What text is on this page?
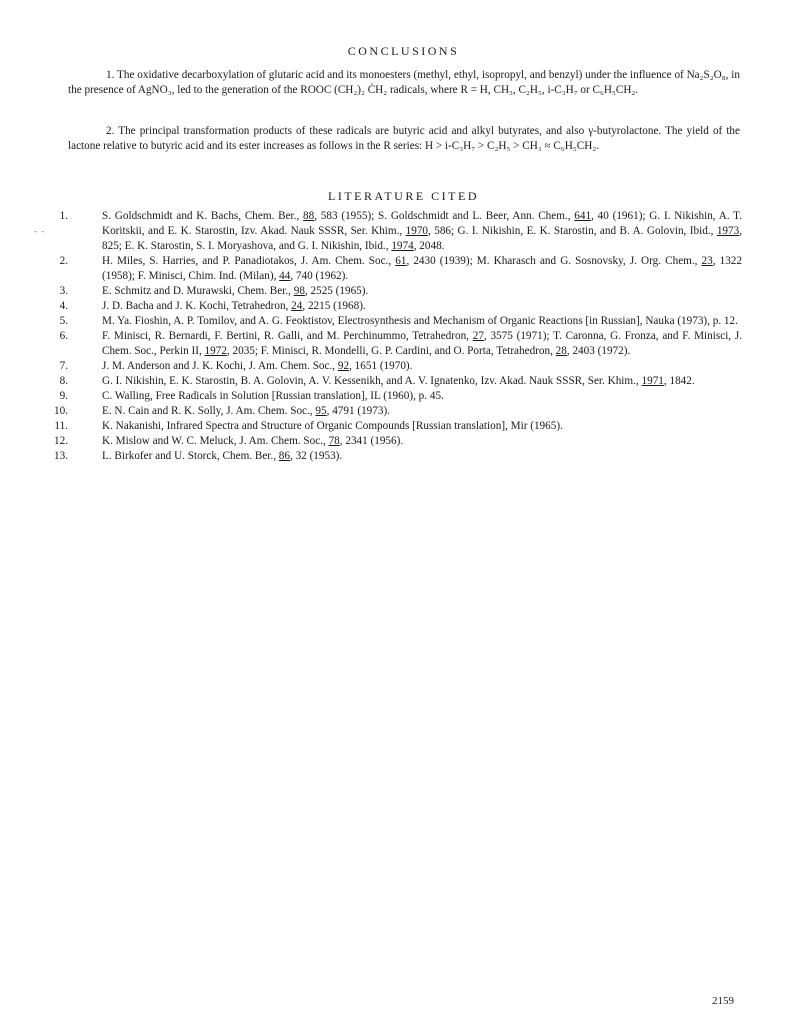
CONCLUSIONS
1. The oxidative decarboxylation of glutaric acid and its monoesters (methyl, ethyl, isopropyl, and benzyl) under the influence of Na₂S₂O₈, in the presence of AgNO₃, led to the generation of the ROOC (CH₂)₂ ĊH₂ radicals, where R = H, CH₃, C₂H₅, i-C₃H₇ or C₆H₅CH₂.
2. The principal transformation products of these radicals are butyric acid and alkyl butyrates, and also γ-butyrolactone. The yield of the lactone relative to butyric acid and its ester increases as follows in the R series: H > i-C₃H₇ > C₂H₅ > CH₃ ≈ C₆H₅CH₂.
LITERATURE CITED
- -
1.	S. Goldschmidt and K. Bachs, Chem. Ber., 88, 583 (1955); S. Goldschmidt and L. Beer, Ann. Chem., 641, 40 (1961); G. I. Nikishin, A. T. Koritskii, and E. K. Starostin, Izv. Akad. Nauk SSSR, Ser. Khim., 1970, 586; G. I. Nikishin, E. K. Starostin, and B. A. Golovin, Ibid., 1973, 825; E. K. Starostin, S. I. Moryashova, and G. I. Nikishin, Ibid., 1974, 2048.
2.	H. Miles, S. Harries, and P. Panadiotakos, J. Am. Chem. Soc., 61, 2430 (1939); M. Kharasch and G. Sosnovsky, J. Org. Chem., 23, 1322 (1958); F. Minisci, Chim. Ind. (Milan), 44, 740 (1962).
3.	E. Schmitz and D. Murawski, Chem. Ber., 98, 2525 (1965).
4.	J. D. Bacha and J. K. Kochi, Tetrahedron, 24, 2215 (1968).
5.	M. Ya. Fioshin, A. P. Tomilov, and A. G. Feoktistov, Electrosynthesis and Mechanism of Organic Reactions [in Russian], Nauka (1973), p. 12.
6.	F. Minisci, R. Bernardi, F. Bertini, R. Galli, and M. Perchinummo, Tetrahedron, 27, 3575 (1971); T. Caronna, G. Fronza, and F. Minisci, J. Chem. Soc., Perkin II, 1972, 2035; F. Minisci, R. Mondelli, G. P. Cardini, and O. Porta, Tetrahedron, 28, 2403 (1972).
7.	J. M. Anderson and J. K. Kochi, J. Am. Chem. Soc., 92, 1651 (1970).
8.	G. I. Nikishin, E. K. Starostin, B. A. Golovin, A. V. Kessenikh, and A. V. Ignatenko, Izv. Akad. Nauk SSSR, Ser. Khim., 1971, 1842.
9.	C. Walling, Free Radicals in Solution [Russian translation], IL (1960), p. 45.
10.	E. N. Cain and R. K. Solly, J. Am. Chem. Soc., 95, 4791 (1973).
11.	K. Nakanishi, Infrared Spectra and Structure of Organic Compounds [Russian translation], Mir (1965).
12.	K. Mislow and W. C. Meluck, J. Am. Chem. Soc., 78, 2341 (1956).
13.	L. Birkofer and U. Storck, Chem. Ber., 86, 32 (1953).
2159
